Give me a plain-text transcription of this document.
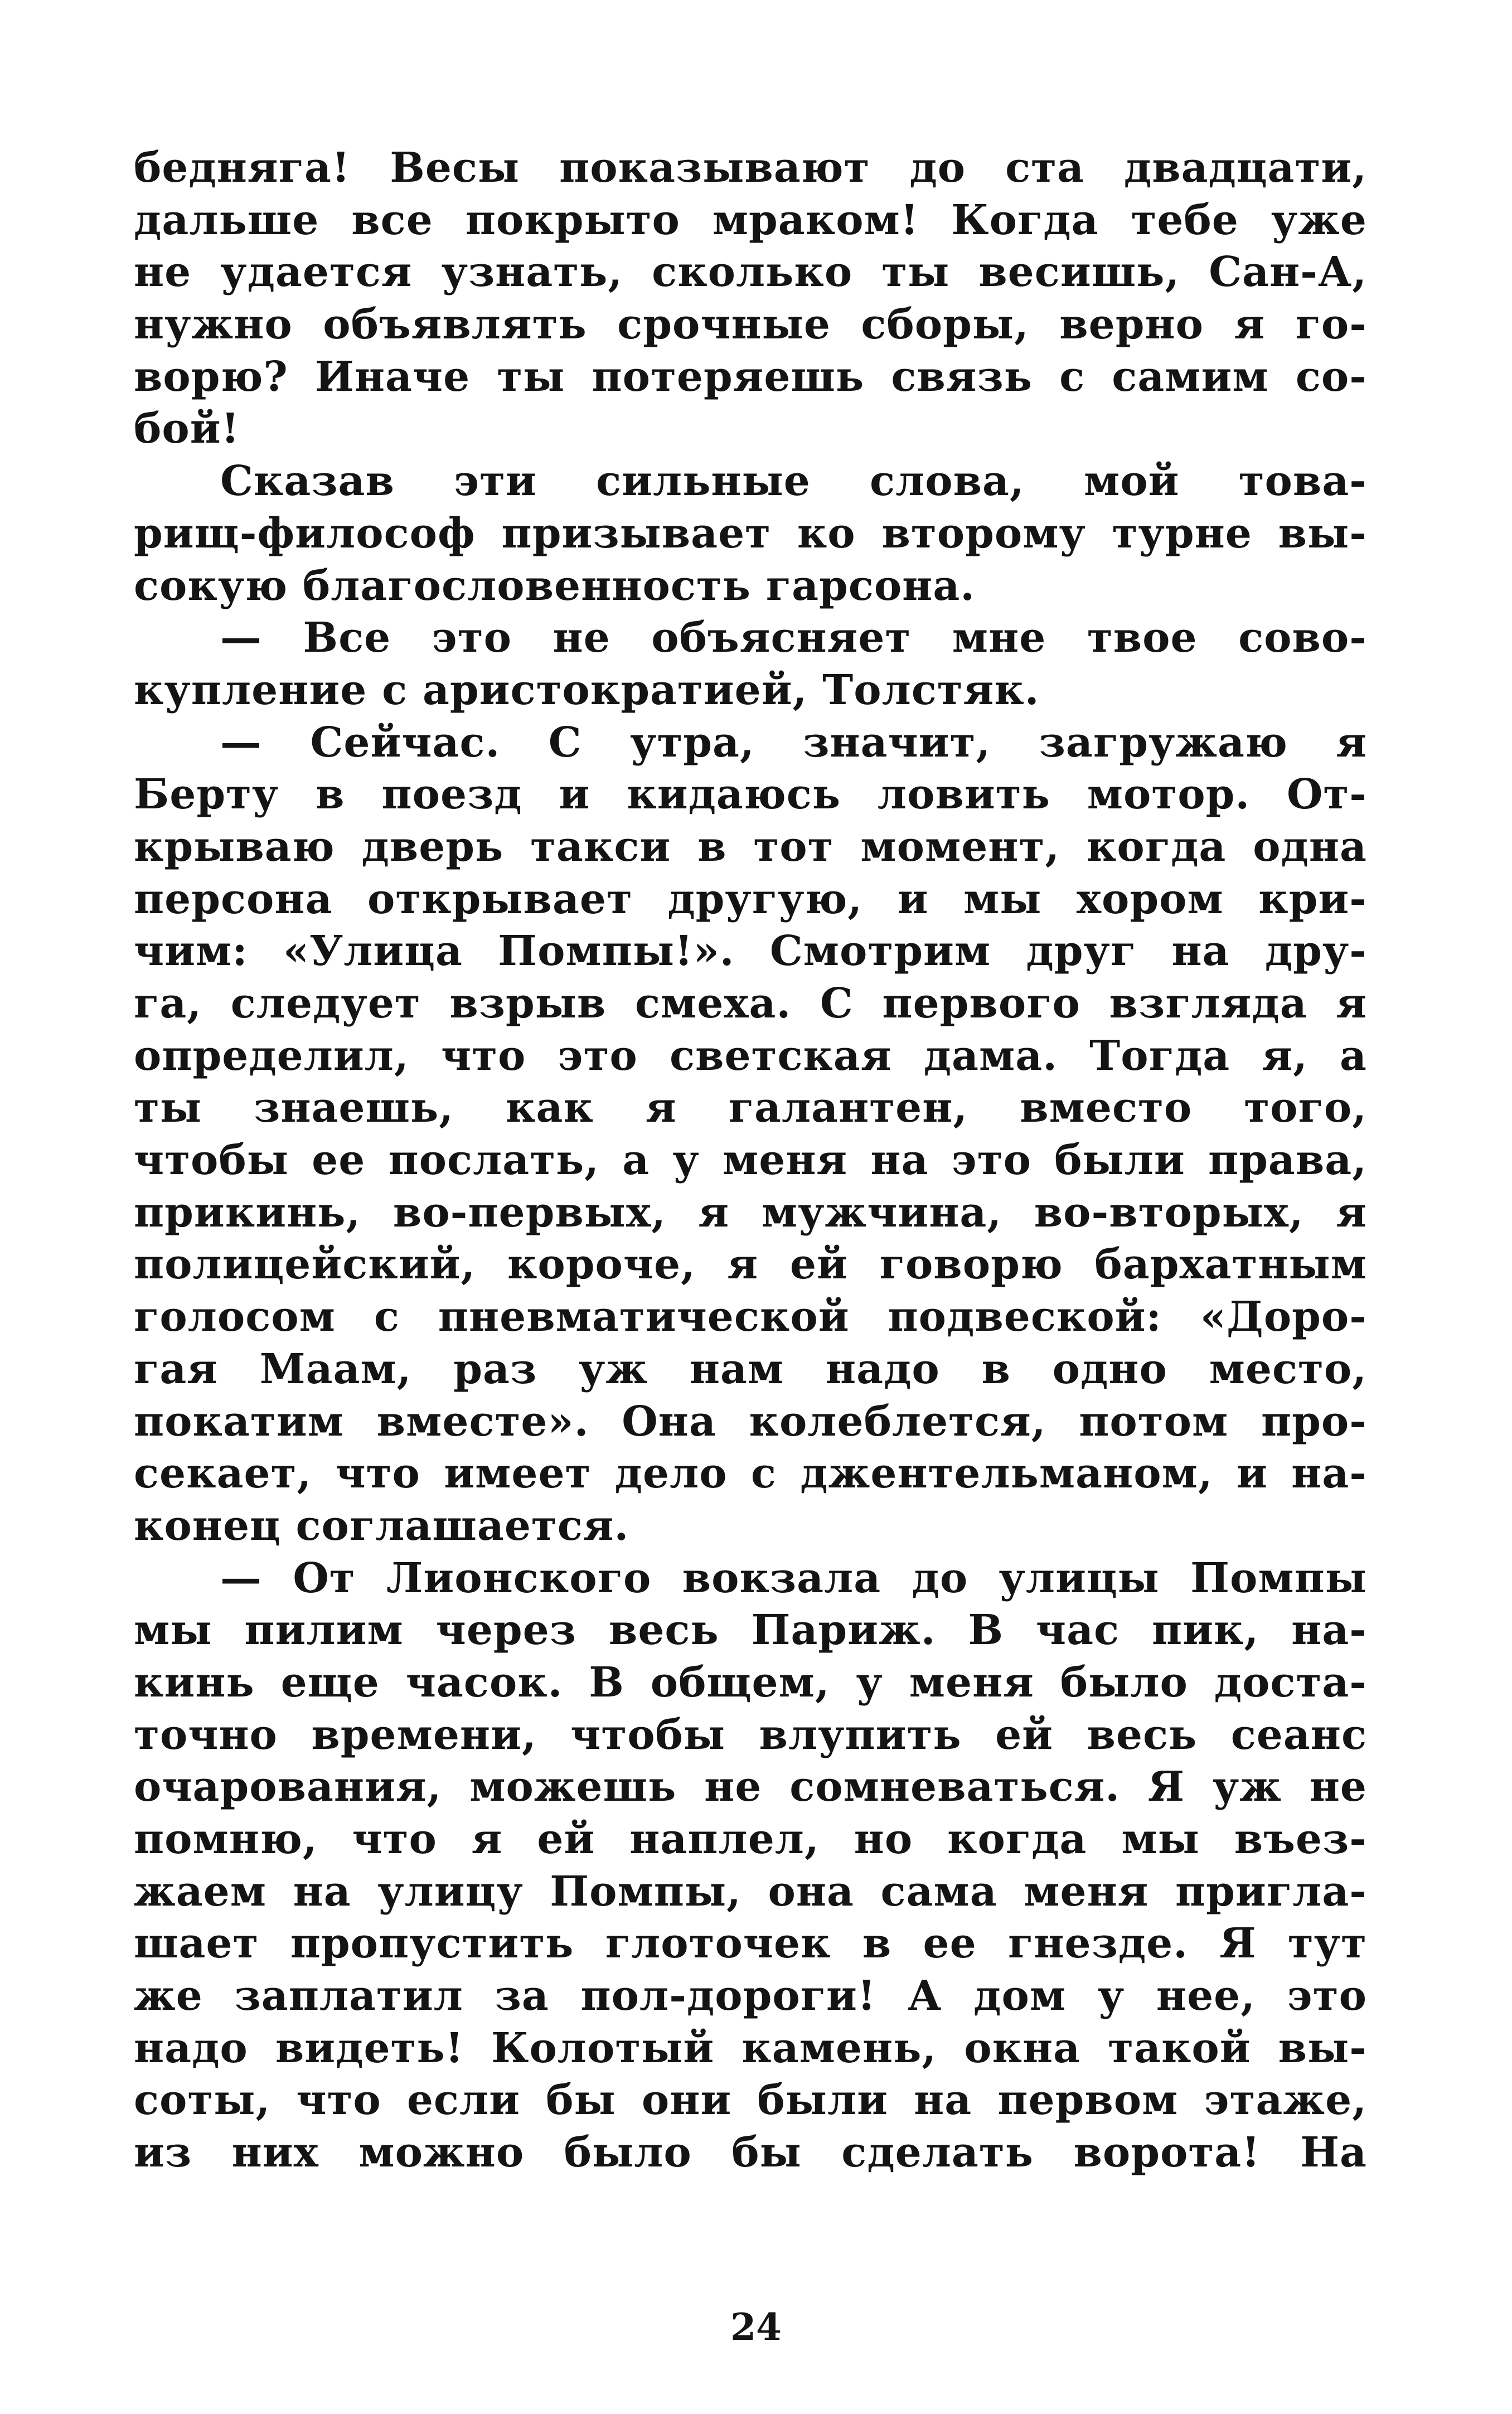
бедняга! Весы показывают до ста двадцати,
дальше все покрыто мраком! Когда тебе уже
не удается узнать, сколько ты весишь, Сан-А,
нужно объявлять срочные сборы, верно я го-
ворю? Иначе ты потеряешь связь с самим со-
бой!
Сказав эти сильные слова, мой това-
рищ-философ призывает ко второму турне вы-
сокую благословенность гарсона.
— Все это не объясняет мне твое сово-
купление с аристократией, Толстяк.
— Сейчас. С утра, значит, загружаю я
Берту в поезд и кидаюсь ловить мотор. От-
крываю дверь такси в тот момент, когда одна
персона открывает другую, и мы хором кри-
чим: «Улица Помпы!». Смотрим друг на дру-
га, следует взрыв смеха. С первого взгляда я
определил, что это светская дама. Тогда я, а
ты знаешь, как я галантен, вместо того,
чтобы ее послать, а у меня на это были права,
прикинь, во-первых, я мужчина, во-вторых, я
полицейский, короче, я ей говорю бархатным
голосом с пневматической подвеской: «Доро-
гая Маам, раз уж нам надо в одно место,
покатим вместе». Она колеблется, потом про-
секает, что имеет дело с джентельманом, и на-
конец соглашается.
— От Лионского вокзала до улицы Помпы
мы пилим через весь Париж. В час пик, на-
кинь еще часок. В общем, у меня было доста-
точно времени, чтобы влупить ей весь сеанс
очарования, можешь не сомневаться. Я уж не
помню, что я ей наплел, но когда мы въез-
жаем на улицу Помпы, она сама меня пригла-
шает пропустить глоточек в ее гнезде. Я тут
же заплатил за пол-дороги! А дом у нее, это
надо видеть! Колотый камень, окна такой вы-
соты, что если бы они были на первом этаже,
из них можно было бы сделать ворота! На
24
